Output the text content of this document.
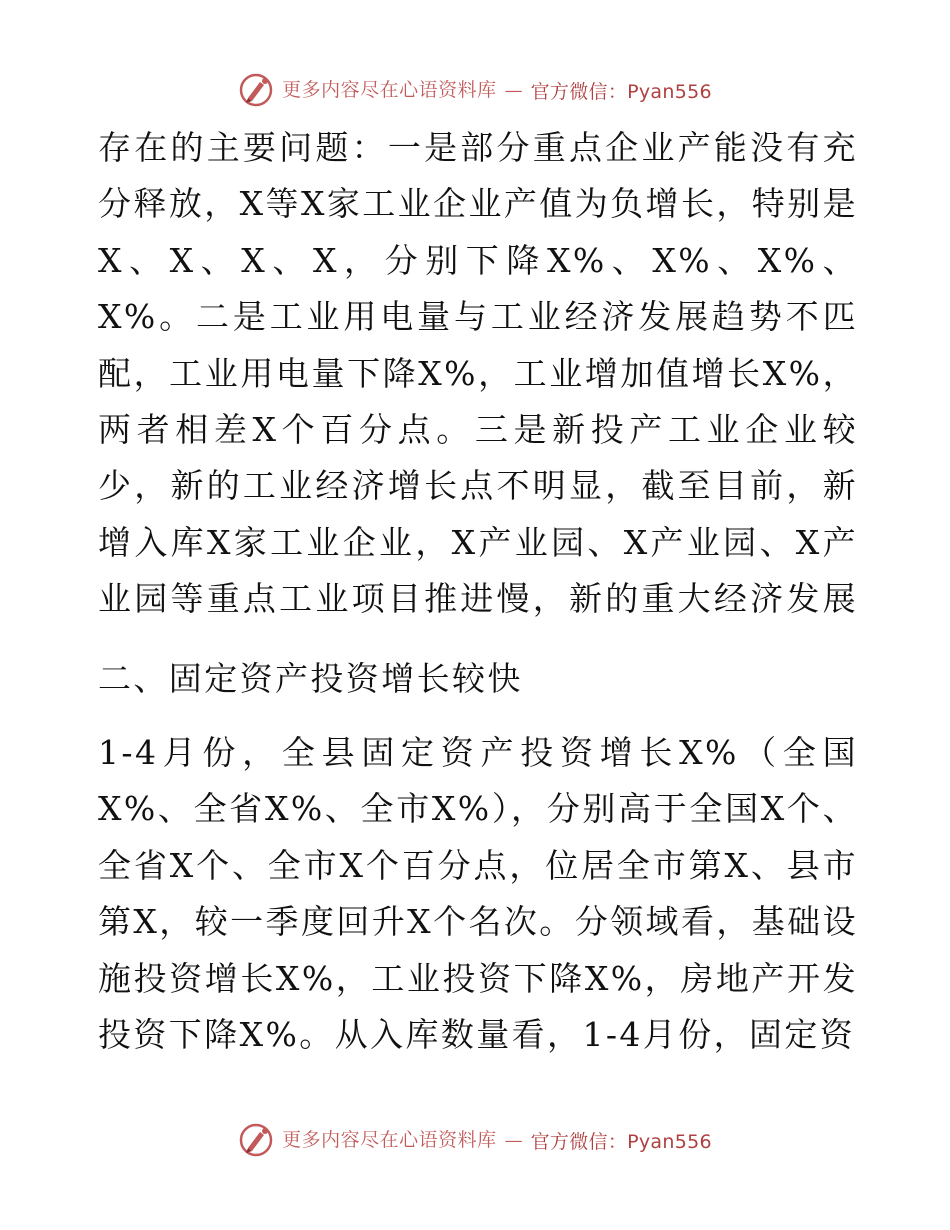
更多内容尽在心语资料库 — 官方微信：Pyan556

存在的主要问题：一是部分重点企业产能没有充分释放，X等X家工业企业产值为负增长，特别是X、X、X、X，分别下降X%、X%、X%、X%。二是工业用电量与工业经济发展趋势不匹配，工业用电量下降X%，工业增加值增长X%，两者相差X个百分点。三是新投产工业企业较少，新的工业经济增长点不明显，截至目前，新增入库X家工业企业，X产业园、X产业园、X产业园等重点工业项目推进慢，新的重大经济发展

二、固定资产投资增长较快

1-4月份，全县固定资产投资增长X%（全国X%、全省X%、全市X%），分别高于全国X个、全省X个、全市X个百分点，位居全市第X、县市第X，较一季度回升X个名次。分领域看，基础设施投资增长X%，工业投资下降X%，房地产开发投资下降X%。从入库数量看，1-4月份，固定资

更多内容尽在心语资料库 — 官方微信：Pyan556
